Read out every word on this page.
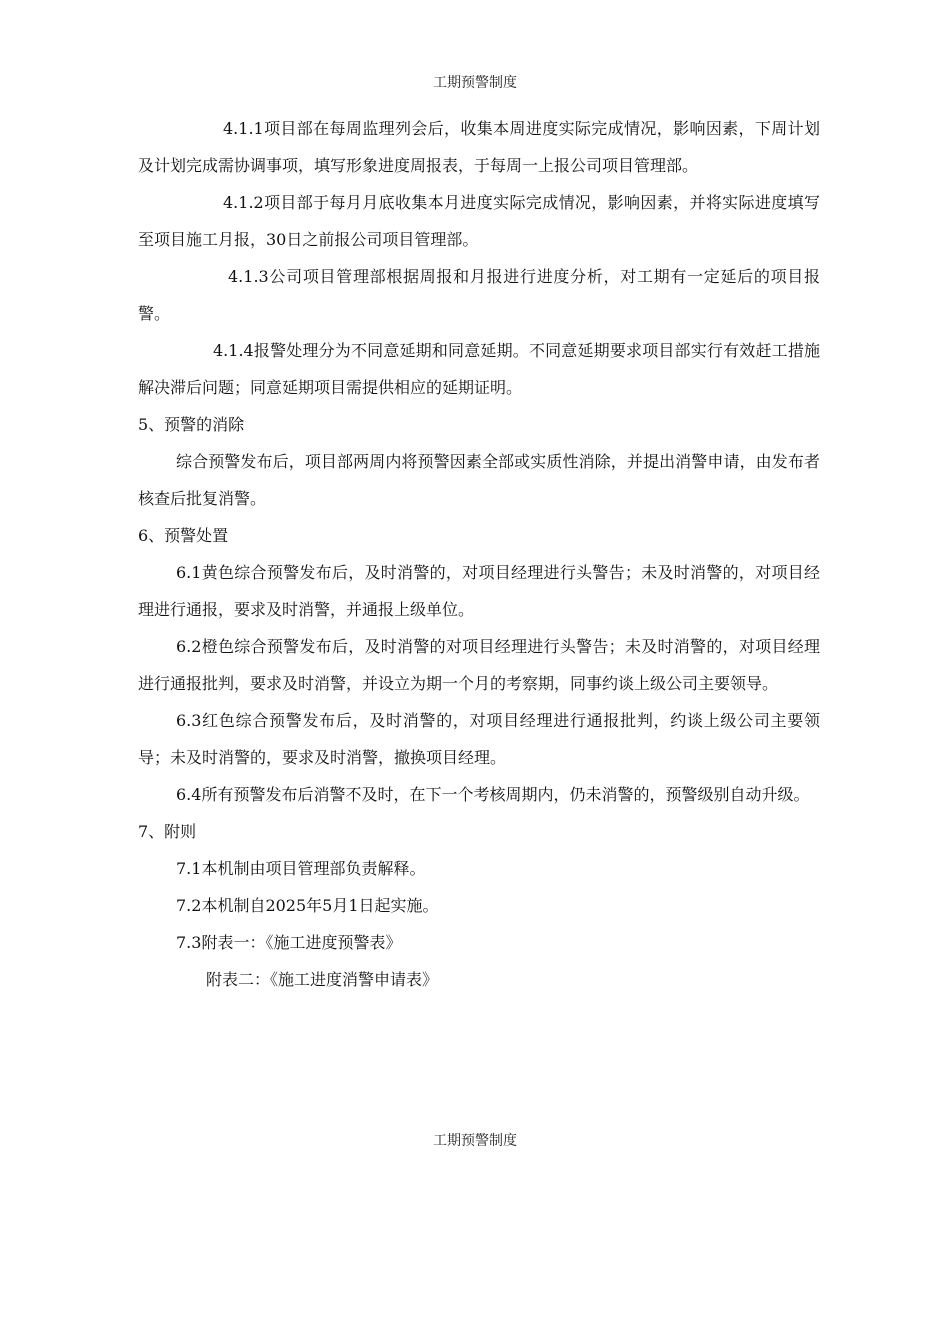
工期预警制度

4.1.1项目部在每周监理列会后，收集本周进度实际完成情况，影响因素，下周计划及计划完成需协调事项，填写形象进度周报表，于每周一上报公司项目管理部。

4.1.2项目部于每月月底收集本月进度实际完成情况，影响因素，并将实际进度填写至项目施工月报，30日之前报公司项目管理部。

4.1.3公司项目管理部根据周报和月报进行进度分析，对工期有一定延后的项目报警。

4.1.4报警处理分为不同意延期和同意延期。不同意延期要求项目部实行有效赶工措施解决滞后问题；同意延期项目需提供相应的延期证明。

5、预警的消除

综合预警发布后，项目部两周内将预警因素全部或实质性消除，并提出消警申请，由发布者核查后批复消警。

6、预警处置

6.1黄色综合预警发布后，及时消警的，对项目经理进行头警告；未及时消警的，对项目经理进行通报，要求及时消警，并通报上级单位。

6.2橙色综合预警发布后，及时消警的对项目经理进行头警告；未及时消警的，对项目经理进行通报批判，要求及时消警，并设立为期一个月的考察期，同事约谈上级公司主要领导。

6.3红色综合预警发布后，及时消警的，对项目经理进行通报批判，约谈上级公司主要领导；未及时消警的，要求及时消警，撤换项目经理。

6.4所有预警发布后消警不及时，在下一个考核周期内，仍未消警的，预警级别自动升级。

7、附则

7.1本机制由项目管理部负责解释。

7.2本机制自2025年5月1日起实施。

7.3附表一：《施工进度预警表》

附表二：《施工进度消警申请表》

工期预警制度
